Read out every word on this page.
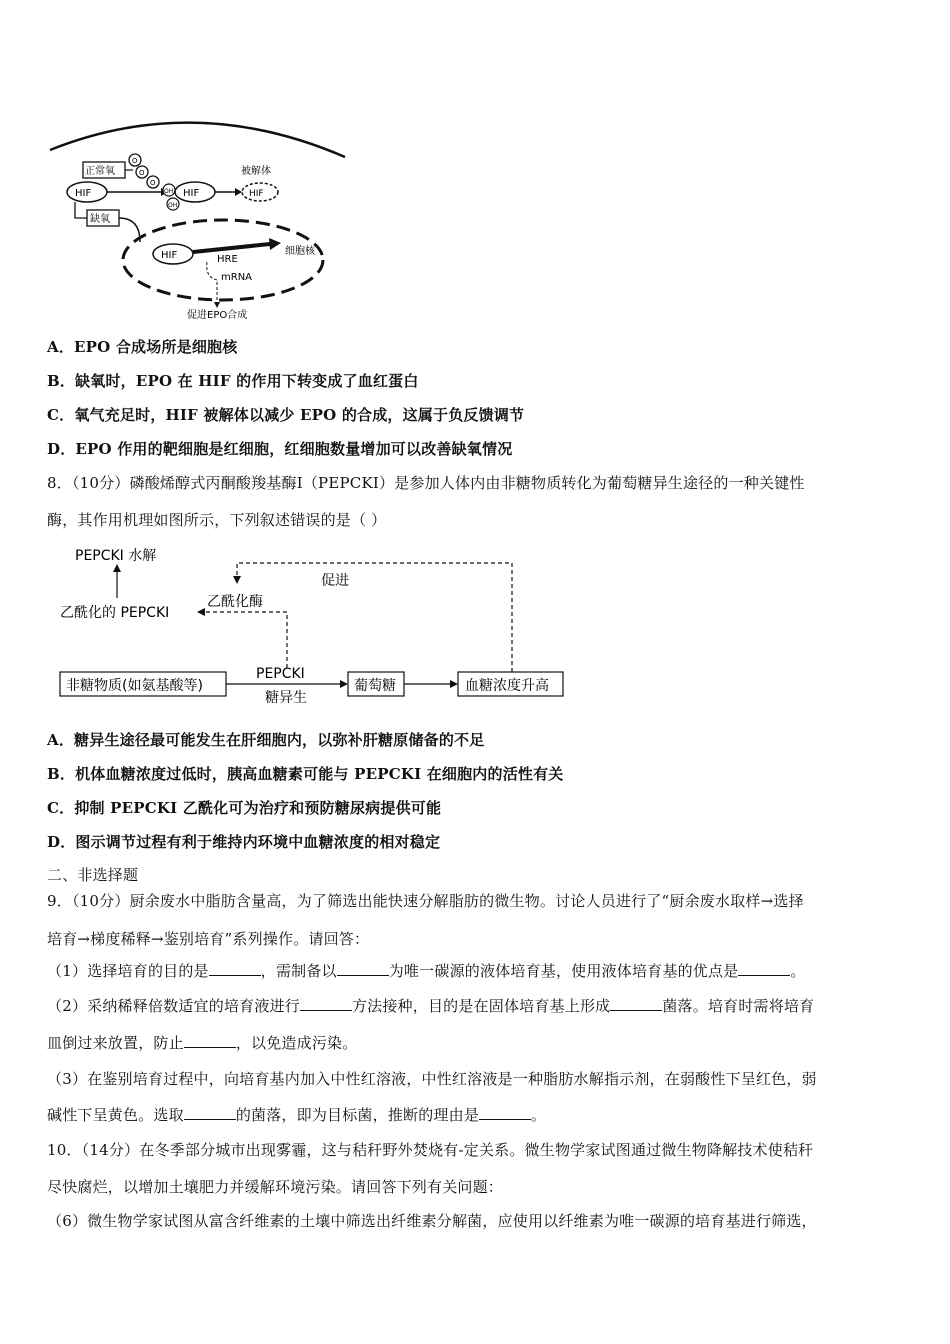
正常氧
O
O
O
HIF	OH
OH
HIF	HIF
被解体
缺氧
细胞核
HIF	HRE
mRNA
促进EPO合成
A．EPO 合成场所是细胞核
B．缺氧时，EPO 在 HIF 的作用下转变成了血红蛋白
C．氧气充足时，HIF 被解体以减少 EPO 的合成，这属于负反馈调节
D．EPO 作用的靶细胞是红细胞，红细胞数量增加可以改善缺氧情况
8．（10分）磷酸烯醇式丙酮酸羧基酶Ⅰ（PEPCKI）是参加人体内由非糖物质转化为葡萄糖异生途径的一种关键性
酶，其作用机理如图所示，下列叙述错误的是（ ）
PEPCKI 水解
乙酰化的 PEPCKI
促进
乙酰化酶
非糖物质(如氨基酸等)
PEPCKI
糖异生
葡萄糖	血糖浓度升高
A．糖异生途径最可能发生在肝细胞内，以弥补肝糖原储备的不足
B．机体血糖浓度过低时，胰高血糖素可能与 PEPCKI 在细胞内的活性有关
C．抑制 PEPCKI 乙酰化可为治疗和预防糖尿病提供可能
D．图示调节过程有利于维持内环境中血糖浓度的相对稳定
二、非选择题
9．（10分）厨余废水中脂肪含量高，为了筛选出能快速分解脂肪的微生物。讨论人员进行了“厨余废水取样→选择
培育→梯度稀释→鉴别培育”系列操作。请回答：
（1）选择培育的目的是	，需制备以	为唯一碳源的液体培育基，使用液体培育基的优点是	。
（2）采纳稀释倍数适宜的培育液进行	方法接种，目的是在固体培育基上形成	菌落。培育时需将培育
皿倒过来放置，防止	，以免造成污染。
（3）在鉴别培育过程中，向培育基内加入中性红溶液，中性红溶液是一种脂肪水解指示剂，在弱酸性下呈红色，弱
碱性下呈黄色。选取	的菌落，即为目标菌，推断的理由是	。
10．（14分）在冬季部分城市出现雾霾，这与秸秆野外焚烧有-定关系。微生物学家试图通过微生物降解技术使秸秆
尽快腐烂，以增加土壤肥力并缓解环境污染。请回答下列有关问题：
（6）微生物学家试图从富含纤维素的土壤中筛选出纤维素分解菌，应使用以纤维素为唯一碳源的培育基进行筛选，
